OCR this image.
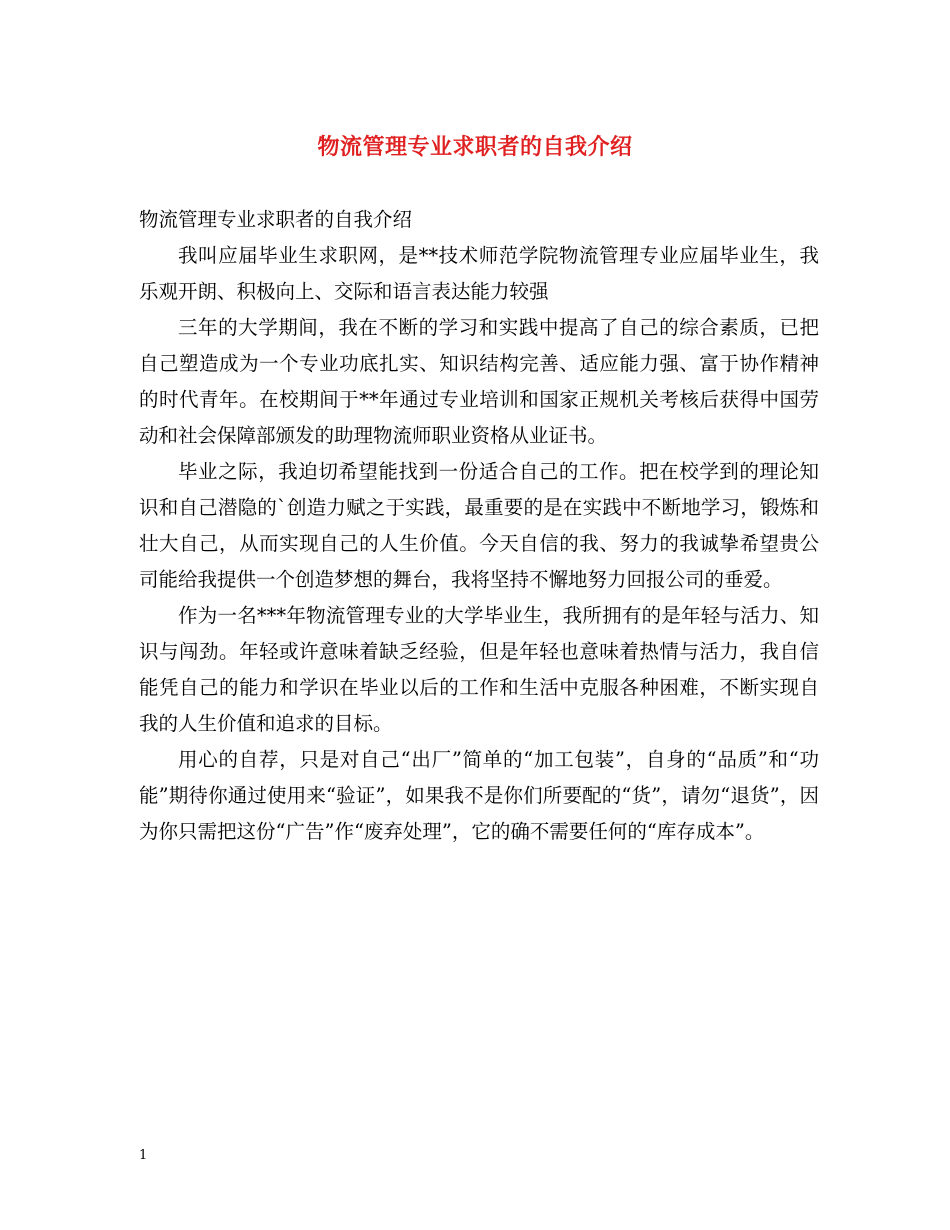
物流管理专业求职者的自我介绍

物流管理专业求职者的自我介绍

我叫应届毕业生求职网，是**技术师范学院物流管理专业应届毕业生，我乐观开朗、积极向上、交际和语言表达能力较强

三年的大学期间，我在不断的学习和实践中提高了自己的综合素质，已把自己塑造成为一个专业功底扎实、知识结构完善、适应能力强、富于协作精神的时代青年。在校期间于**年通过专业培训和国家正规机关考核后获得中国劳动和社会保障部颁发的助理物流师职业资格从业证书。

毕业之际，我迫切希望能找到一份适合自己的工作。把在校学到的理论知识和自己潜隐的`创造力赋之于实践，最重要的是在实践中不断地学习，锻炼和壮大自己，从而实现自己的人生价值。今天自信的我、努力的我诚挚希望贵公司能给我提供一个创造梦想的舞台，我将坚持不懈地努力回报公司的垂爱。

作为一名***年物流管理专业的大学毕业生，我所拥有的是年轻与活力、知识与闯劲。年轻或许意味着缺乏经验，但是年轻也意味着热情与活力，我自信能凭自己的能力和学识在毕业以后的工作和生活中克服各种困难，不断实现自我的人生价值和追求的目标。

用心的自荐，只是对自己“出厂”简单的“加工包装”，自身的“品质”和“功能”期待你通过使用来“验证”，如果我不是你们所要配的“货”，请勿“退货”，因为你只需把这份“广告”作“废弃处理”，它的确不需要任何的“库存成本”。

1
